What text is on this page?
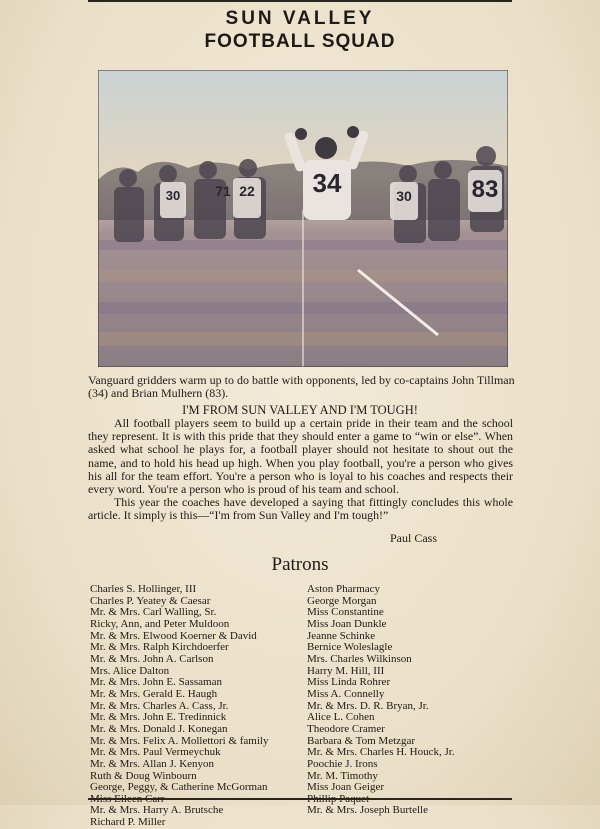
SUN VALLEY
FOOTBALL SQUAD
30 71 22 34	30 83
Vanguard gridders warm up to do battle with opponents, led by co-captains John Tillman (34) and Brian Mulhern (83).
I'M FROM SUN VALLEY AND I'M TOUGH!

All football players seem to build up a certain pride in their team and the school they represent. It is with this pride that they should enter a game to “win or else”. When asked what school he plays for, a football player should not hesitate to shout out the name, and to hold his head up high. When you play football, you're a person who gives his all for the team effort. You're a person who is loyal to his coaches and respects their every word. You're a person who is proud of his team and school.

This year the coaches have developed a saying that fittingly concludes this whole article. It simply is this—“I'm from Sun Valley and I'm tough!”

Paul Cass
Patrons
Charles S. Hollinger, III
Charles P. Yeatey & Caesar
Mr. & Mrs. Carl Walling, Sr.
Ricky, Ann, and Peter Muldoon
Mr. & Mrs. Elwood Koerner & David
Mr. & Mrs. Ralph Kirchdoerfer
Mr. & Mrs. John A. Carlson
Mrs. Alice Dalton
Mr. & Mrs. John E. Sassaman
Mr. & Mrs. Gerald E. Haugh
Mr. & Mrs. Charles A. Cass, Jr.
Mr. & Mrs. John E. Tredinnick
Mr. & Mrs. Donald J. Konegan
Mr. & Mrs. Felix A. Mollettori & family
Mr. & Mrs. Paul Vermeychuk
Mr. & Mrs. Allan J. Kenyon
Ruth & Doug Winbourn
George, Peggy, & Catherine McGorman
Mr. & Mrs. Harry A. Brutsche
Richard P. Miller
Aston Pharmacy
George Morgan
Miss Constantine
Miss Joan Dunkle
Jeanne Schinke
Bernice Woleslagle
Mrs. Charles Wilkinson
Harry M. Hill, III
Miss Linda Rohrer
Miss A. Connelly
Mr. & Mrs. D. R. Bryan, Jr.
Alice L. Cohen
Theodore Cramer
Barbara & Tom Metzgar
Mr. & Mrs. Charles H. Houck, Jr.
Poochie J. Irons
Mr. M. Timothy
Miss Joan Geiger
Mr. & Mrs. Joseph Burtelle
